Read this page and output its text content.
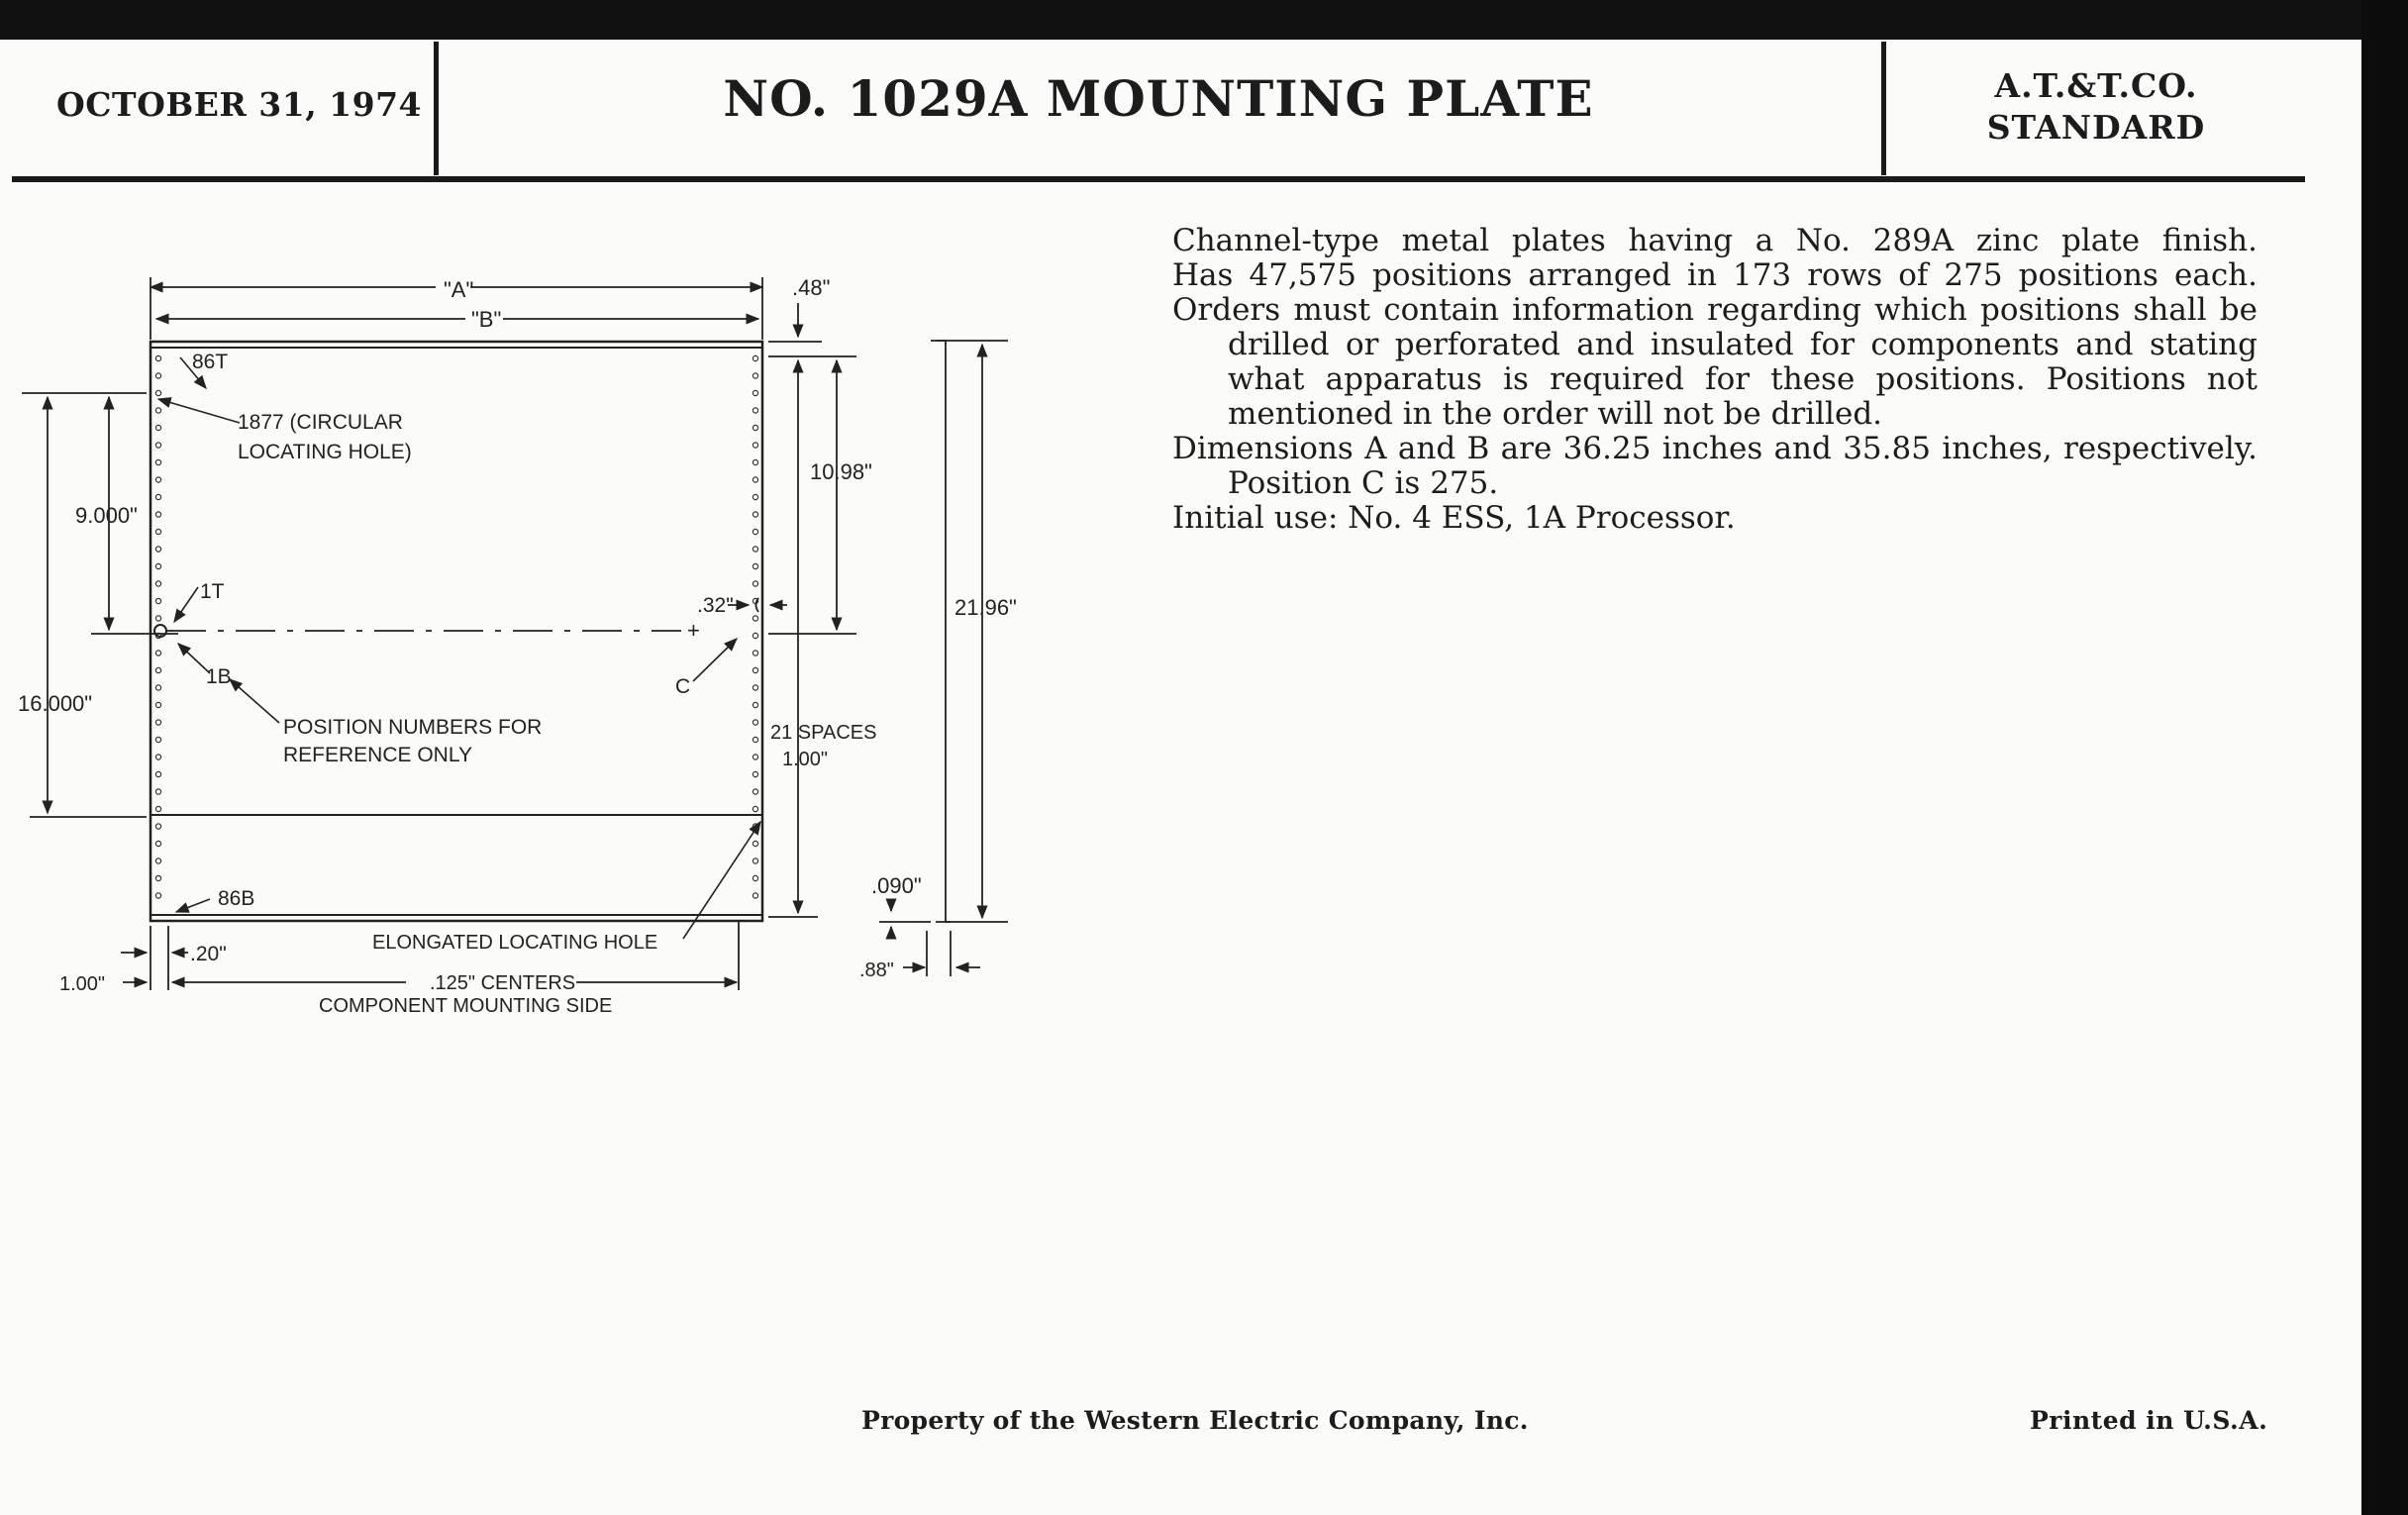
OCTOBER 31, 1974	NO. 1029A MOUNTING PLATE	A.T.&T.CO.
STANDARD
Channel-type metal plates having a No. 289A zinc plate finish.
Has 47,575 positions arranged in 173 rows of 275 positions each.
Orders must contain information regarding which positions shall be drilled or perforated and insulated for components and stating what apparatus is required for these positions. Positions not mentioned in the order will not be drilled.
Dimensions A and B are 36.25 inches and 35.85 inches, respectively. Position C is 275.
Initial use: No. 4 ESS, 1A Processor.
+
"A"
"B"
.48"
86T
1877 (CIRCULAR
LOCATING HOLE)
9.000"
10.98"
1T
.32"	21.96"
1B	C
POSITION NUMBERS FOR
REFERENCE ONLY
16.000"
21 SPACES
1.00"
.090"
86B
ELONGATED LOCATING HOLE
.20"
1.00"
.88"
.125" CENTERS
COMPONENT MOUNTING SIDE
Property of the Western Electric Company, Inc.	Printed in U.S.A.
